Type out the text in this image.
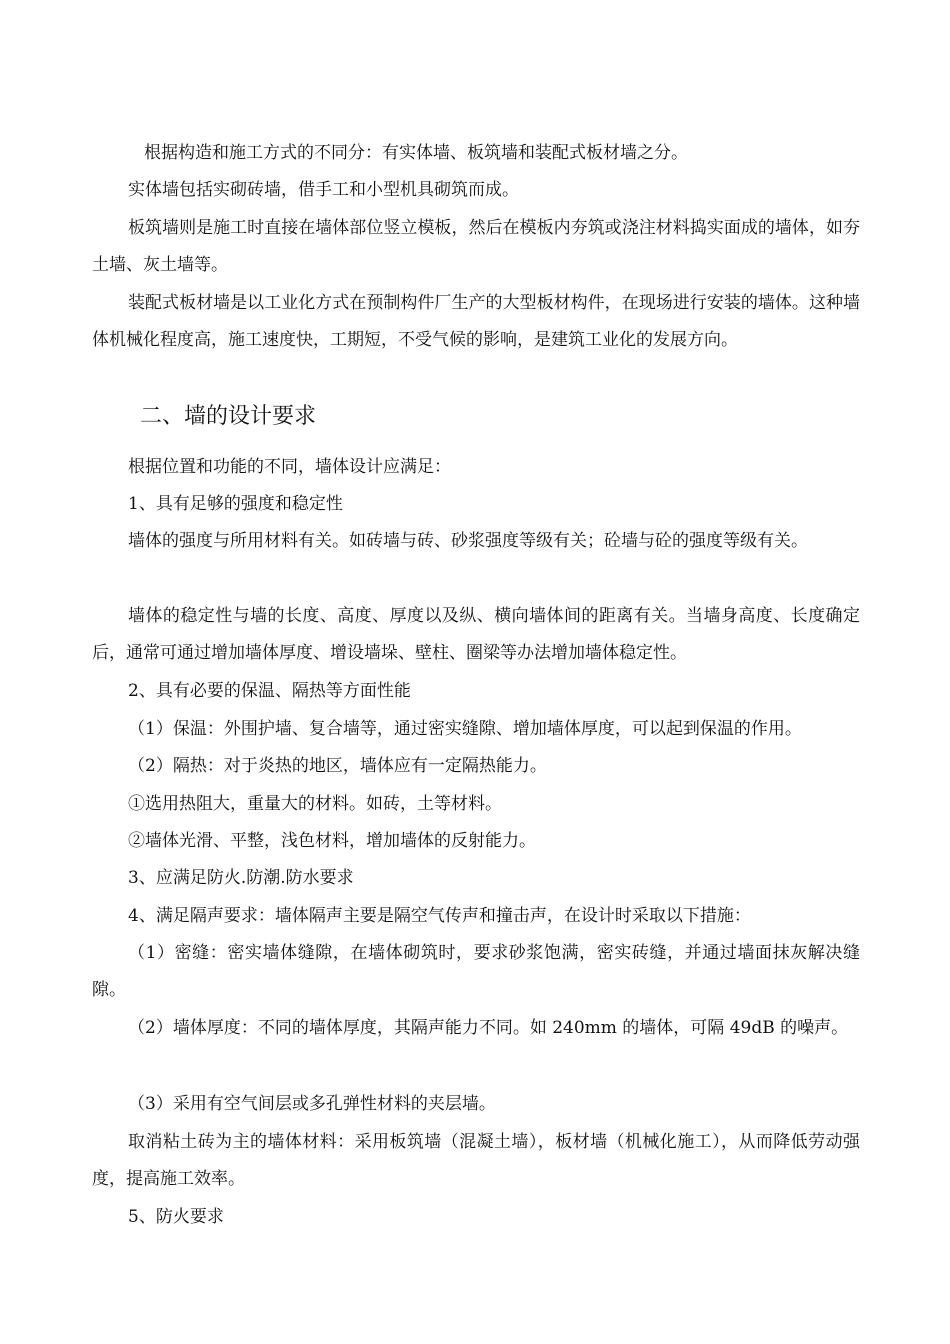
根据构造和施工方式的不同分：有实体墙、板筑墙和装配式板材墙之分。

实体墙包括实砌砖墙，借手工和小型机具砌筑而成。

板筑墙则是施工时直接在墙体部位竖立模板，然后在模板内夯筑或浇注材料捣实面成的墙体，如夯土墙、灰土墙等。

装配式板材墙是以工业化方式在预制构件厂生产的大型板材构件，在现场进行安装的墙体。这种墙体机械化程度高，施工速度快，工期短，不受气候的影响，是建筑工业化的发展方向。

二、墙的设计要求

根据位置和功能的不同，墙体设计应满足：

1、具有足够的强度和稳定性

墙体的强度与所用材料有关。如砖墙与砖、砂浆强度等级有关；砼墙与砼的强度等级有关。

墙体的稳定性与墙的长度、高度、厚度以及纵、横向墙体间的距离有关。当墙身高度、长度确定后，通常可通过增加墙体厚度、增设墙垛、壁柱、圈梁等办法增加墙体稳定性。

2、具有必要的保温、隔热等方面性能

（1）保温：外围护墙、复合墙等，通过密实缝隙、增加墙体厚度，可以起到保温的作用。

（2）隔热：对于炎热的地区，墙体应有一定隔热能力。

①选用热阻大，重量大的材料。如砖，土等材料。

②墙体光滑、平整，浅色材料，增加墙体的反射能力。

3、应满足防火.防潮.防水要求

4、满足隔声要求：墙体隔声主要是隔空气传声和撞击声，在设计时采取以下措施：

（1）密缝：密实墙体缝隙，在墙体砌筑时，要求砂浆饱满，密实砖缝，并通过墙面抹灰解决缝隙。

（2）墙体厚度：不同的墙体厚度，其隔声能力不同。如 240mm 的墙体，可隔 49dB 的噪声。

（3）采用有空气间层或多孔弹性材料的夹层墙。

取消粘土砖为主的墙体材料：采用板筑墙（混凝土墙），板材墙（机械化施工），从而降低劳动强度，提高施工效率。

5、防火要求
